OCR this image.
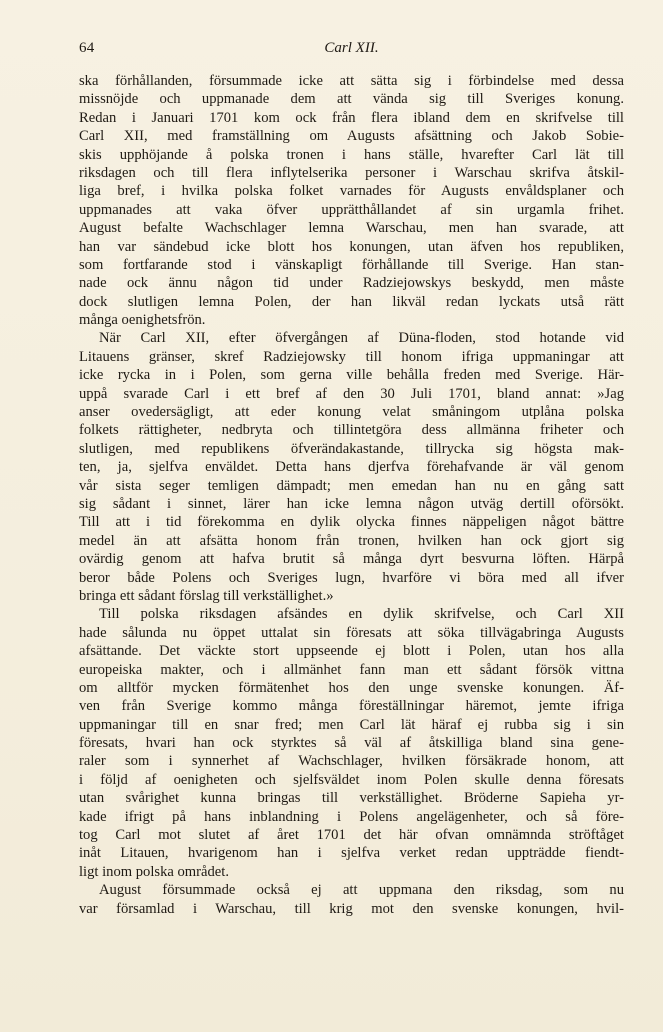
64	Carl XII.

ska förhållanden, försummade icke att sätta sig i förbindelse med dessa
missnöjde och uppmanade dem att vända sig till Sveriges konung.
Redan i Januari 1701 kom ock från flera ibland dem en skrifvelse till
Carl XII, med framställning om Augusts afsättning och Jakob Sobie-
skis upphöjande å polska tronen i hans ställe, hvarefter Carl lät till
riksdagen och till flera inflytelserika personer i Warschau skrifva åtskil-
liga bref, i hvilka polska folket varnades för Augusts envåldsplaner och
uppmanades att vaka öfver upprätthållandet af sin urgamla frihet.
August befalte Wachschlager lemna Warschau, men han svarade, att
han var sändebud icke blott hos konungen, utan äfven hos republiken,
som fortfarande stod i vänskapligt förhållande till Sverige. Han stan-
nade ock ännu någon tid under Radziejowskys beskydd, men måste
dock slutligen lemna Polen, der han likväl redan lyckats utså rätt
många oenighetsfrön.

När Carl XII, efter öfvergången af Düna-floden, stod hotande vid
Litauens gränser, skref Radziejowsky till honom ifriga uppmaningar att
icke rycka in i Polen, som gerna ville behålla freden med Sverige. Här-
uppå svarade Carl i ett bref af den 30 Juli 1701, bland annat: »Jag
anser ovedersägligt, att eder konung velat småningom utplåna polska
folkets rättigheter, nedbryta och tillintetgöra dess allmänna friheter och
slutligen, med republikens öfverändakastande, tillrycka sig högsta mak-
ten, ja, sjelfva enväldet. Detta hans djerfva förehafvande är väl genom
vår sista seger temligen dämpadt; men emedan han nu en gång satt
sig sådant i sinnet, lärer han icke lemna någon utväg dertill oförsökt.
Till att i tid förekomma en dylik olycka finnes näppeligen något bättre
medel än att afsätta honom från tronen, hvilken han ock gjort sig
ovärdig genom att hafva brutit så många dyrt besvurna löften. Härpå
beror både Polens och Sveriges lugn, hvarföre vi böra med all ifver
bringa ett sådant förslag till verkställighet.»

Till polska riksdagen afsändes en dylik skrifvelse, och Carl XII
hade sålunda nu öppet uttalat sin föresats att söka tillvägabringa Augusts
afsättande. Det väckte stort uppseende ej blott i Polen, utan hos alla
europeiska makter, och i allmänhet fann man ett sådant försök vittna
om alltför mycken förmätenhet hos den unge svenske konungen. Äf-
ven från Sverige kommo många föreställningar häremot, jemte ifriga
uppmaningar till en snar fred; men Carl lät häraf ej rubba sig i sin
föresats, hvari han ock styrktes så väl af åtskilliga bland sina gene-
raler som i synnerhet af Wachschlager, hvilken försäkrade honom, att
i följd af oenigheten och sjelfsväldet inom Polen skulle denna föresats
utan svårighet kunna bringas till verkställighet. Bröderne Sapieha yr-
kade ifrigt på hans inblandning i Polens angelägenheter, och så före-
tog Carl mot slutet af året 1701 det här ofvan omnämnda ströftåget
inåt Litauen, hvarigenom han i sjelfva verket redan uppträdde fiendt-
ligt inom polska området.

August försummade också ej att uppmana den riksdag, som nu
var församlad i Warschau, till krig mot den svenske konungen, hvil-
